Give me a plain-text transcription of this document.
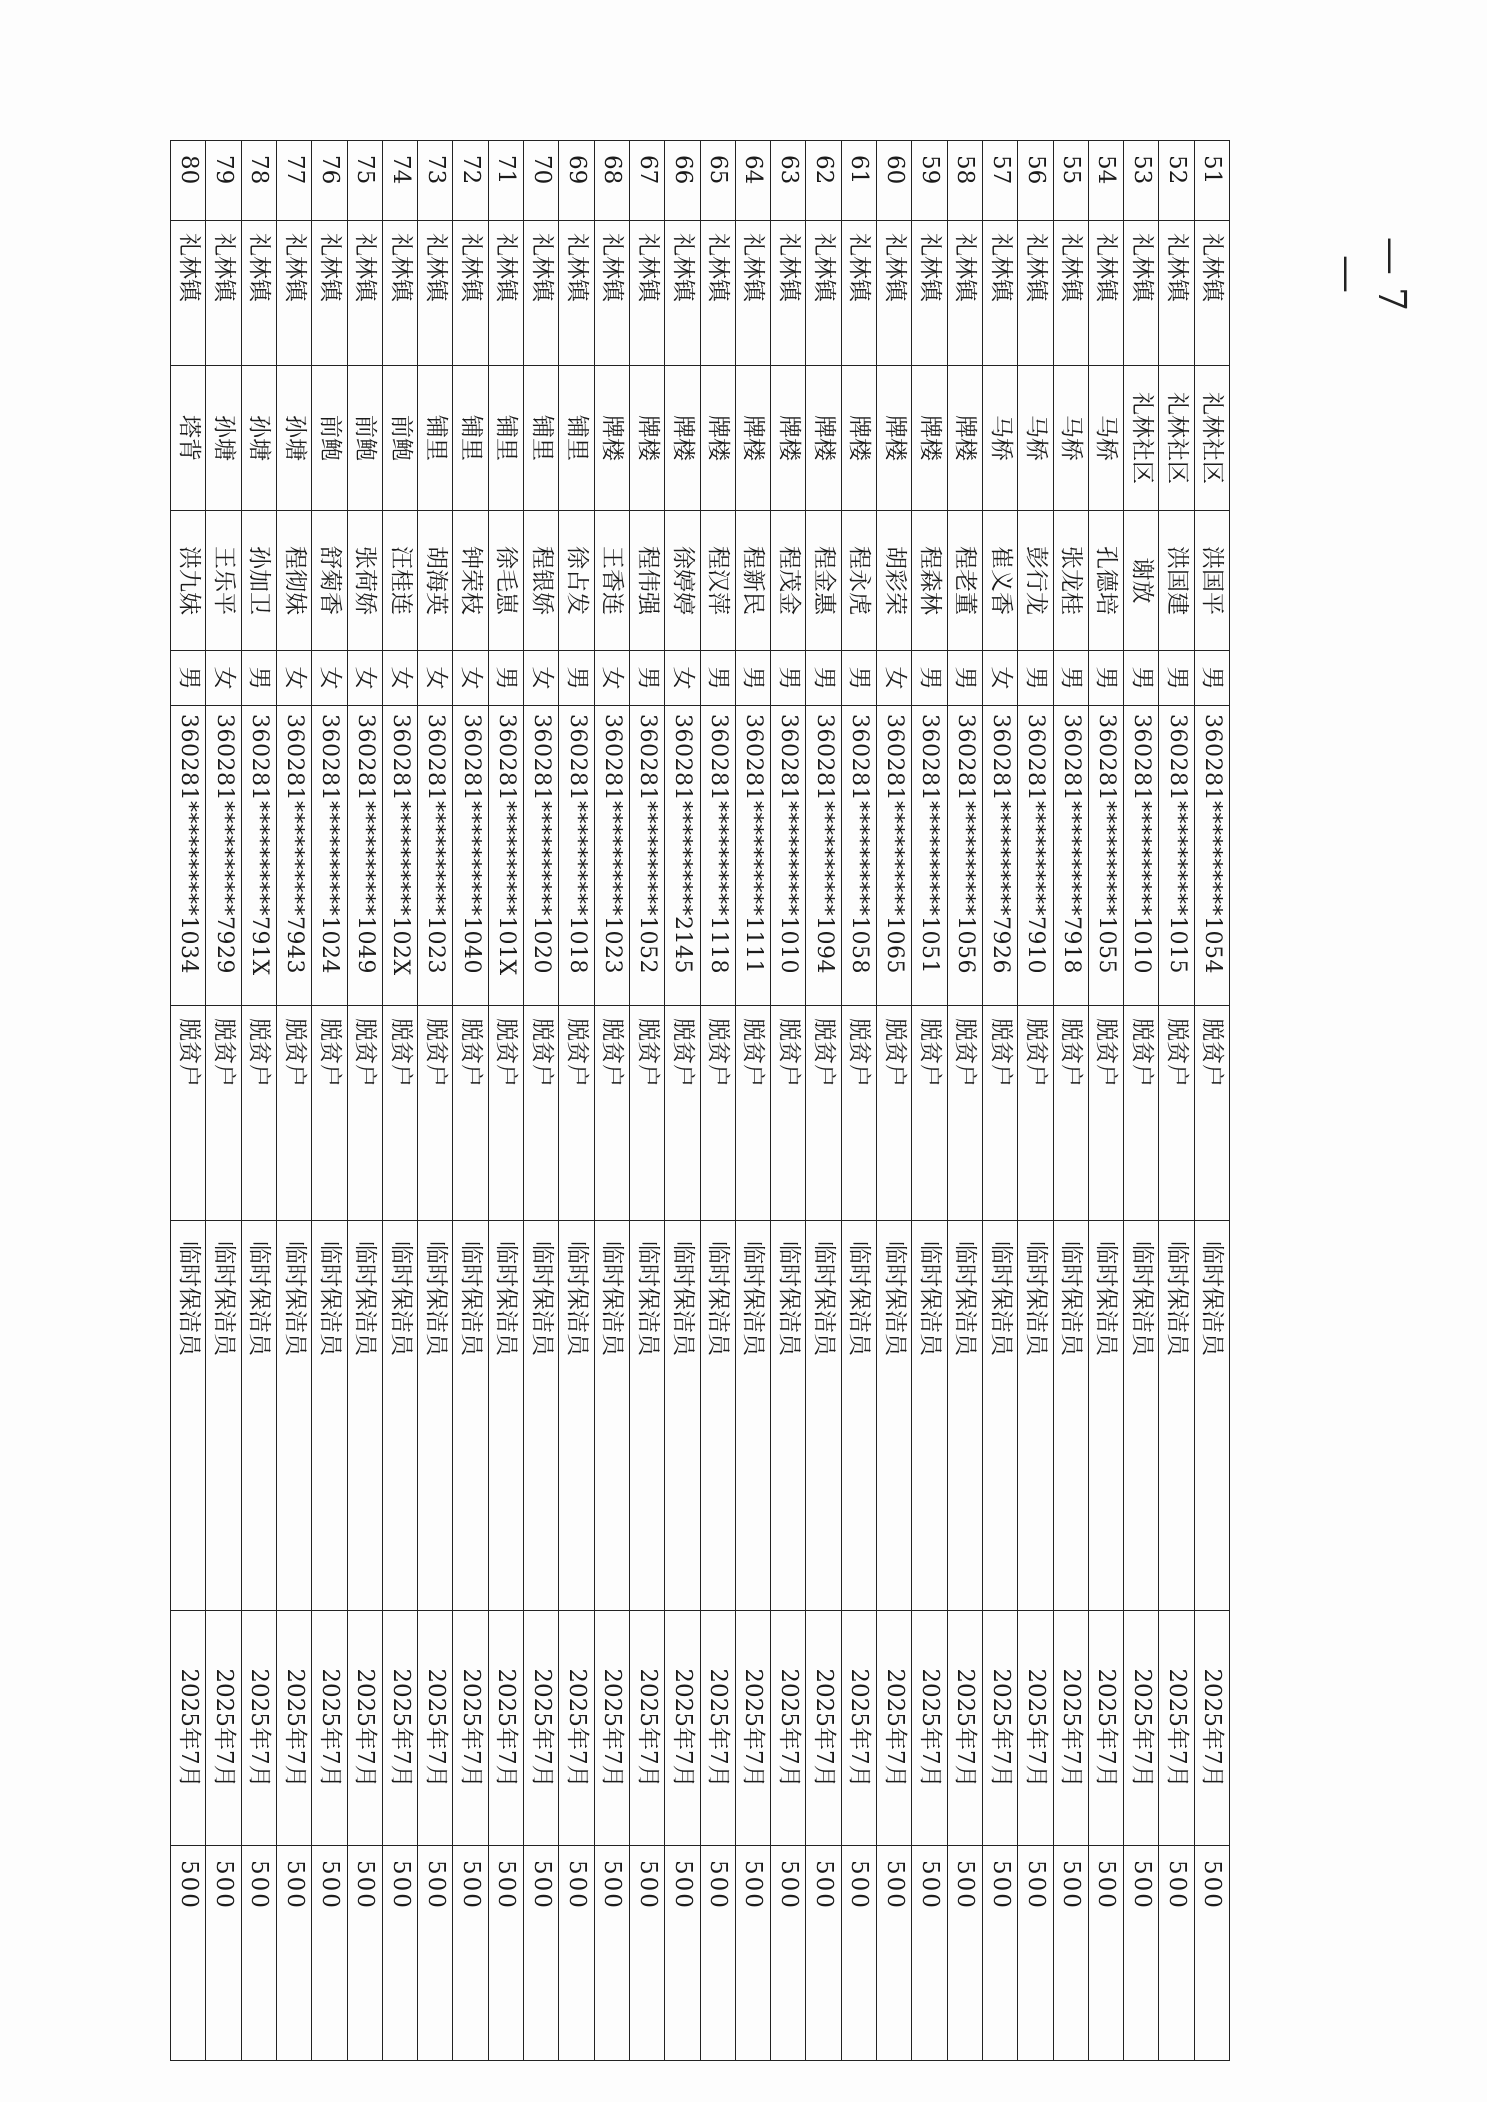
51	礼林镇	礼林社区	洪国平	男	360281**********1054	脱贫户	临时保洁员	2025年7月	500
52	礼林镇	礼林社区	洪国建	男	360281**********1015	脱贫户	临时保洁员	2025年7月	500
53	礼林镇	礼林社区	谢放	男	360281**********1010	脱贫户	临时保洁员	2025年7月	500
54	礼林镇	马桥	孔德培	男	360281**********1055	脱贫户	临时保洁员	2025年7月	500
55	礼林镇	马桥	张龙桂	男	360281**********7918	脱贫户	临时保洁员	2025年7月	500
56	礼林镇	马桥	彭行龙	男	360281**********7910	脱贫户	临时保洁员	2025年7月	500
57	礼林镇	马桥	崔义香	女	360281**********7926	脱贫户	临时保洁员	2025年7月	500
58	礼林镇	牌楼	程老董	男	360281**********1056	脱贫户	临时保洁员	2025年7月	500
59	礼林镇	牌楼	程森林	男	360281**********1051	脱贫户	临时保洁员	2025年7月	500
60	礼林镇	牌楼	胡彩荣	女	360281**********1065	脱贫户	临时保洁员	2025年7月	500
61	礼林镇	牌楼	程永虎	男	360281**********1058	脱贫户	临时保洁员	2025年7月	500
62	礼林镇	牌楼	程金惠	男	360281**********1094	脱贫户	临时保洁员	2025年7月	500
63	礼林镇	牌楼	程茂金	男	360281**********1010	脱贫户	临时保洁员	2025年7月	500
64	礼林镇	牌楼	程新民	男	360281**********1111	脱贫户	临时保洁员	2025年7月	500
65	礼林镇	牌楼	程汉萍	男	360281**********1118	脱贫户	临时保洁员	2025年7月	500
66	礼林镇	牌楼	徐婷婷	女	360281**********2145	脱贫户	临时保洁员	2025年7月	500
67	礼林镇	牌楼	程伟强	男	360281**********1052	脱贫户	临时保洁员	2025年7月	500
68	礼林镇	牌楼	王香连	女	360281**********1023	脱贫户	临时保洁员	2025年7月	500
69	礼林镇	铺里	徐占发	男	360281**********1018	脱贫户	临时保洁员	2025年7月	500
70	礼林镇	铺里	程银娇	女	360281**********1020	脱贫户	临时保洁员	2025年7月	500
71	礼林镇	铺里	徐毛崽	男	360281**********101X	脱贫户	临时保洁员	2025年7月	500
72	礼林镇	铺里	钟荣枝	女	360281**********1040	脱贫户	临时保洁员	2025年7月	500
73	礼林镇	铺里	胡海英	女	360281**********1023	脱贫户	临时保洁员	2025年7月	500
74	礼林镇	前鲍	汪桂连	女	360281**********102X	脱贫户	临时保洁员	2025年7月	500
75	礼林镇	前鲍	张荷娇	女	360281**********1049	脱贫户	临时保洁员	2025年7月	500
76	礼林镇	前鲍	舒菊香	女	360281**********1024	脱贫户	临时保洁员	2025年7月	500
77	礼林镇	孙塘	程彻妹	女	360281**********7943	脱贫户	临时保洁员	2025年7月	500
78	礼林镇	孙塘	孙加卫	男	360281**********791X	脱贫户	临时保洁员	2025年7月	500
79	礼林镇	孙塘	王乐平	女	360281**********7929	脱贫户	临时保洁员	2025年7月	500
80	礼林镇	塔背	洪九妹	男	360281**********1034	脱贫户	临时保洁员	2025年7月	500
— 7 —
